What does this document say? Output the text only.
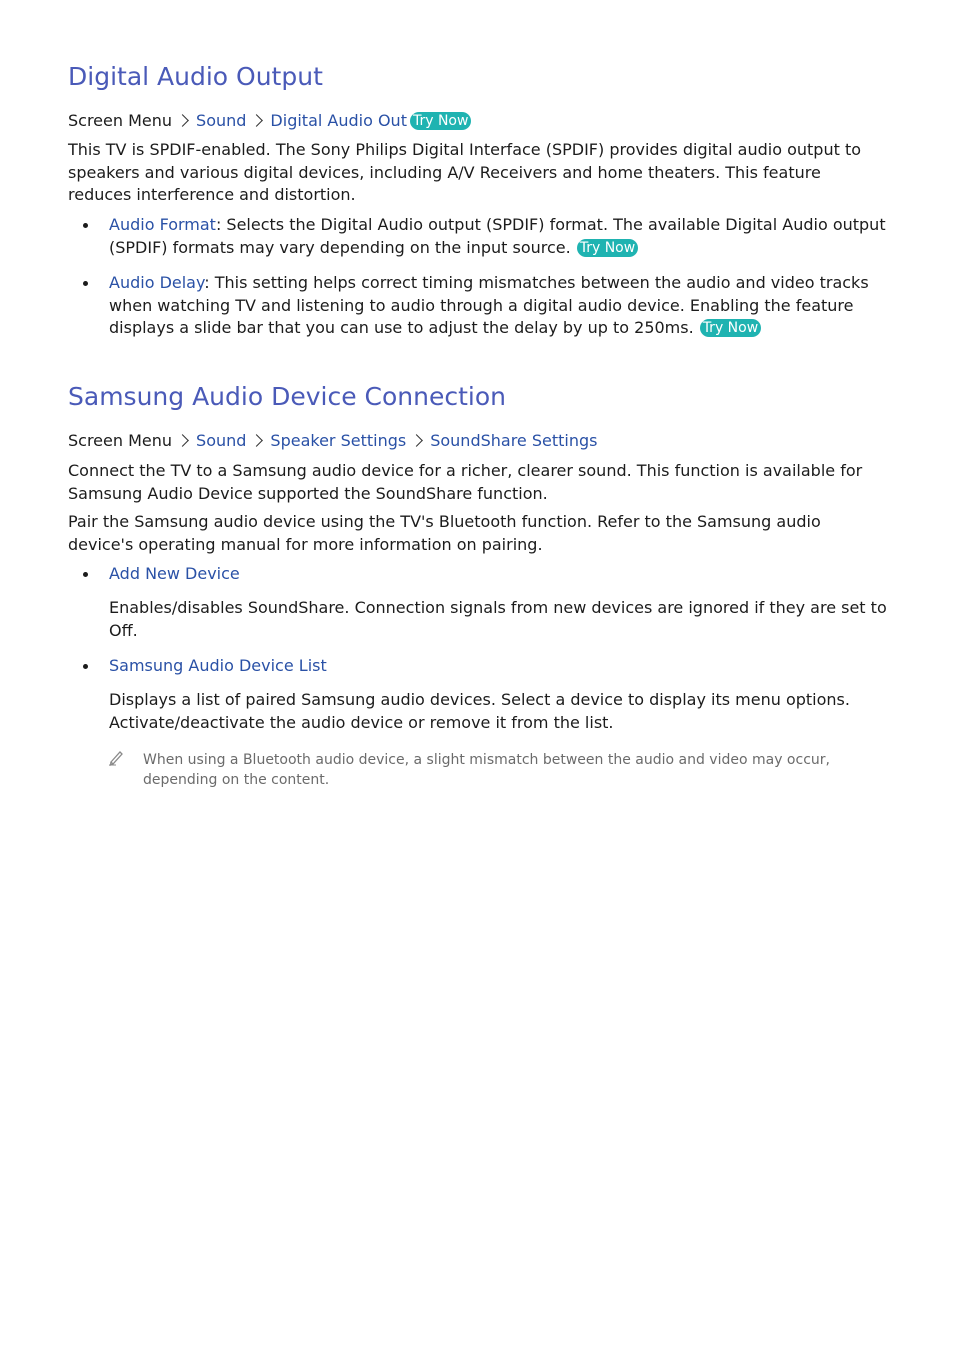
Digital Audio Output
Screen Menu Sound Digital Audio Out Try Now

This TV is SPDIF-enabled. The Sony Philips Digital Interface (SPDIF) provides digital audio output to speakers and various digital devices, including A/V Receivers and home theaters. This feature reduces interference and distortion.

Audio Format: Selects the Digital Audio output (SPDIF) format. The available Digital Audio output (SPDIF) formats may vary depending on the input source. Try Now
Audio Delay: This setting helps correct timing mismatches between the audio and video tracks when watching TV and listening to audio through a digital audio device. Enabling the feature displays a slide bar that you can use to adjust the delay by up to 250ms. Try Now
Samsung Audio Device Connection
Screen Menu Sound Speaker Settings SoundShare Settings

Connect the TV to a Samsung audio device for a richer, clearer sound. This function is available for Samsung Audio Device supported the SoundShare function.

Pair the Samsung audio device using the TV's Bluetooth function. Refer to the Samsung audio device's operating manual for more information on pairing.

Add New Device
Enables/disables SoundShare. Connection signals from new devices are ignored if they are set to Off.
Samsung Audio Device List
Displays a list of paired Samsung audio devices. Select a device to display its menu options. Activate/deactivate the audio device or remove it from the list.
When using a Bluetooth audio device, a slight mismatch between the audio and video may occur, depending on the content.
